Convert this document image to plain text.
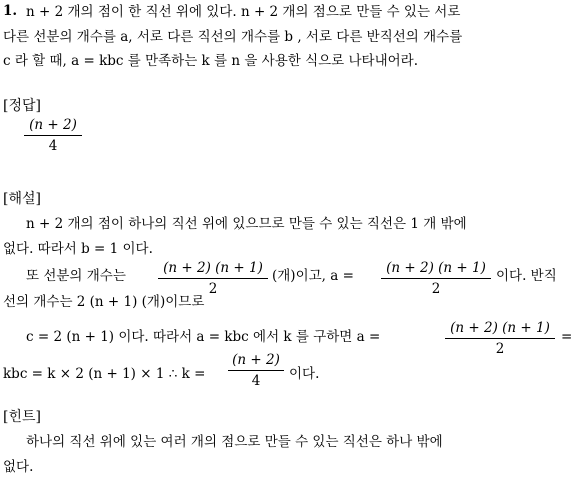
1. n + 2 개의 점이 한 직선 위에 있다. n + 2 개의 점으로 만들 수 있는 서로
다른 선분의 개수를 a, 서로 다른 직선의 개수를 b , 서로 다른 반직선의 개수를
c 라 할 때, a = kbc 를 만족하는 k 를 n 을 사용한 식으로 나타내어라.
[정답]
$\frac{(n + 2)}{4}$
[해설]
n + 2 개의 점이 하나의 직선 위에 있으므로 만들 수 있는 직선은 1 개 밖에
없다. 따라서 b = 1 이다.
또 선분의 개수는 $\frac{(n + 2) (n + 1)}{2}$ (개)이고, $a = \frac{(n + 2) (n + 1)}{2}$ 이다. 반직
선의 개수는 2 (n + 1) (개)이므로
c = 2 (n + 1) 이다. 따라서 a = kbc 에서 k 를 구하면 a =	$\frac{(n + 2) (n + 1)}{2}$ =
kbc = k × 2 (n + 1) × 1 ∴ $k = \frac{(n + 2)}{4}$ 이다.
[힌트]
하나의 직선 위에 있는 여러 개의 점으로 만들 수 있는 직선은 하나 밖에
없다.
